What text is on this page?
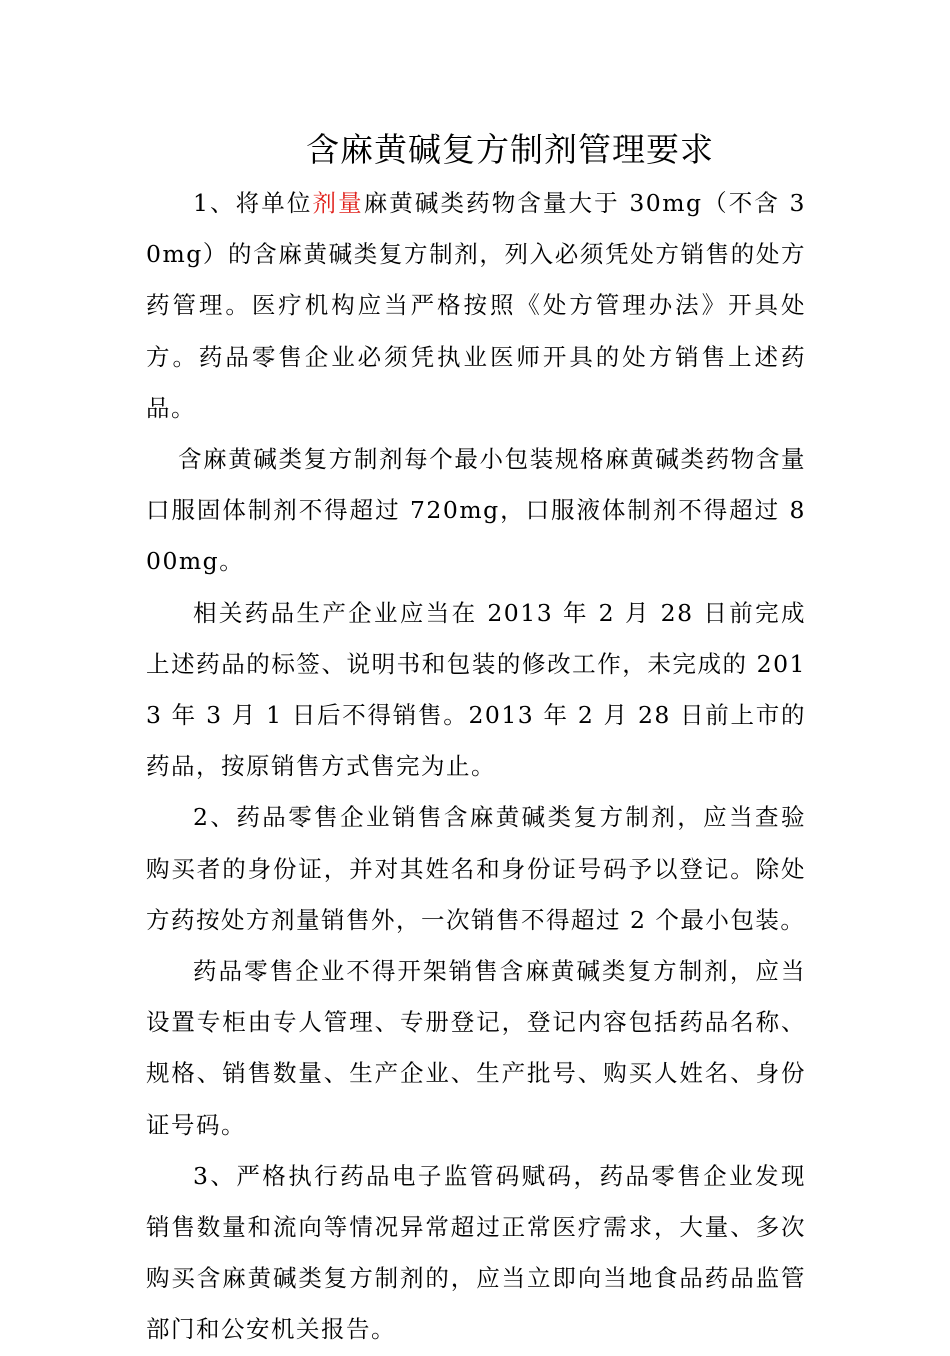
含麻黄碱复方制剂管理要求

1、将单位剂量麻黄碱类药物含量大于 30mg（不含 30mg）的含麻黄碱类复方制剂，列入必须凭处方销售的处方药管理。医疗机构应当严格按照《处方管理办法》开具处方。药品零售企业必须凭执业医师开具的处方销售上述药品。

含麻黄碱类复方制剂每个最小包装规格麻黄碱类药物含量口服固体制剂不得超过 720mg，口服液体制剂不得超过 800mg。

相关药品生产企业应当在 2013 年 2 月 28 日前完成上述药品的标签、说明书和包装的修改工作，未完成的 2013 年 3 月 1 日后不得销售。2013 年 2 月 28 日前上市的药品，按原销售方式售完为止。

2、药品零售企业销售含麻黄碱类复方制剂，应当查验购买者的身份证，并对其姓名和身份证号码予以登记。除处方药按处方剂量销售外，一次销售不得超过 2 个最小包装。

药品零售企业不得开架销售含麻黄碱类复方制剂，应当设置专柜由专人管理、专册登记，登记内容包括药品名称、规格、销售数量、生产企业、生产批号、购买人姓名、身份证号码。

3、严格执行药品电子监管码赋码，药品零售企业发现销售数量和流向等情况异常超过正常医疗需求，大量、多次购买含麻黄碱类复方制剂的，应当立即向当地食品药品监管部门和公安机关报告。
